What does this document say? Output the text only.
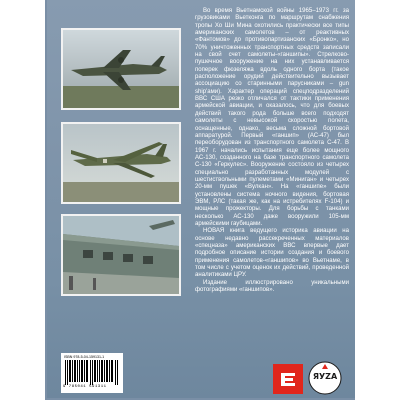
Во время Вьетнамской войны 1965–1973 гг. за грузовиками Вьетконга по маршрутам снабжения тропы Хо Ши Мина охотились практически все типы американских самолетов – от реактивных «Фантомов» до противопартизанских «Бронко», но 70% уничтоженных транспортных средств записали на свой счет самолеты-«ганшипы». Стрелково-пушечное вооружение на них устанавливается поперек фюзеляжа вдоль одного борта (такое расположение орудий действительно вызывает ассоциацию со старинными парусниками – gun ship'ами). Характер операций спецподразделений ВВС США резко отличался от тактики применения армейской авиации, и оказалось, что для боевых действий такого рода больше всего подходят самолеты с невысокой скоростью полета, оснащенные, однако, весьма сложной бортовой аппаратурой. Первый «ганшип» (АС-47) был переоборудован из транспортного самолета С-47. В 1967 г. начались испытания еще более мощного АС-130, созданного на базе транспортного самолета С-130 «Геркулес». Вооружение состояло из четырех специально разработанных модулей с шестиствольными пулеметами «Миниган» и четырех 20-мм пушек «Вулкан». На «ганшипе» были установлены система ночного видения, бортовая ЭВМ, РЛС (такая же, как на истребителях F-104) и мощные прожекторы. Для борьбы с танками несколько АС-130 даже вооружили 105-мм армейскими гаубицами.

НОВАЯ книга ведущего историка авиации на основе недавно рассекреченных материалов «спецназа» американских ВВС впервые дает подробное описание истории создания и боевого применения самолетов-«ганшипов» во Вьетнаме, в том числе с учетом оценок их действий, проведенной аналитиками ЦРУ.

Издание иллюстрировано уникальными фотографиями «ганшипов».

ISBN 978-5-04-159131-1
9 785041 591311
ЯУZА
